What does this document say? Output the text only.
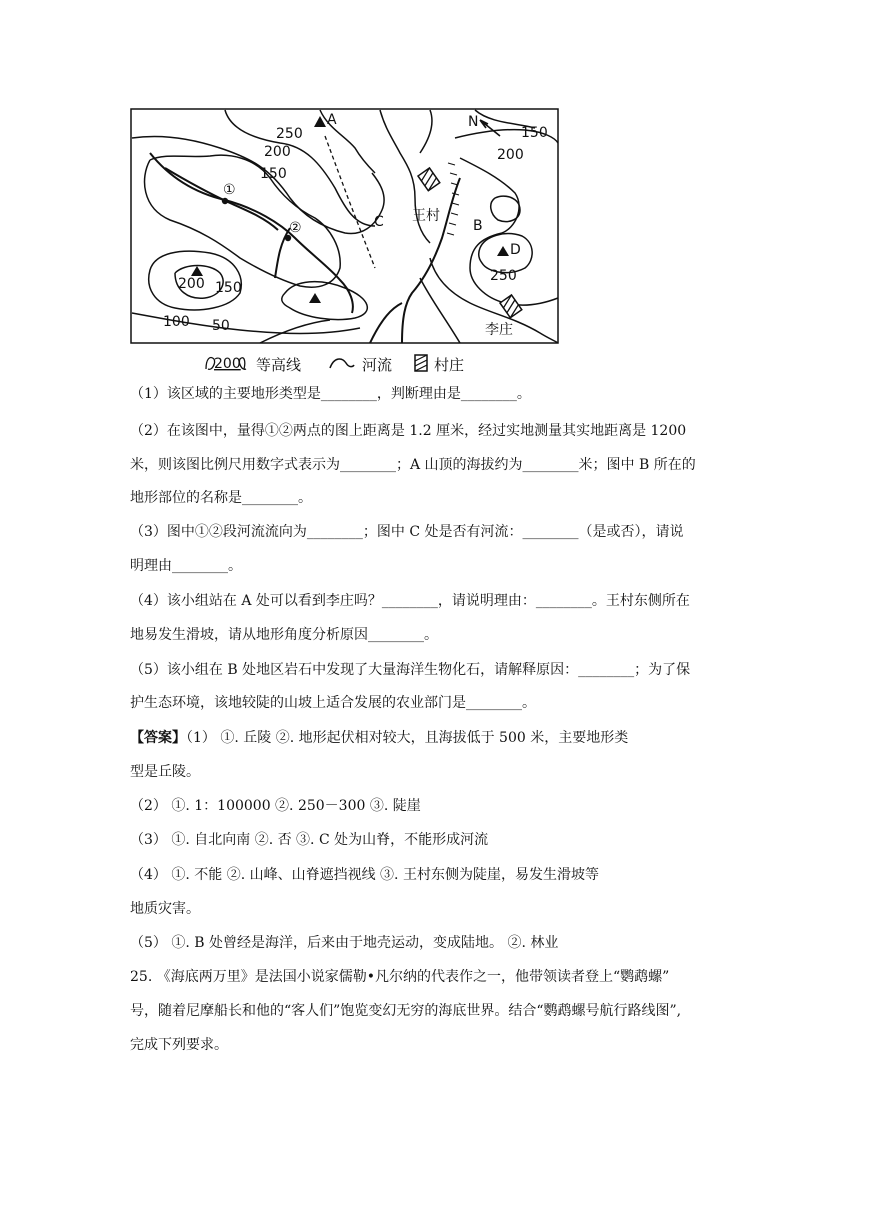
250
200
150
200 150
50
100
150
200
250
A
D
①
②	C	B
N
王村
李庄
200 等高线	河流	村庄
（1）该区域的主要地形类型是________，判断理由是________。
（2）在该图中，量得①②两点的图上距离是 1.2 厘米，经过实地测量其实地距离是 1200
米，则该图比例尺用数字式表示为________；A 山顶的海拔约为________米；图中 B 所在的
地形部位的名称是________。
（3）图中①②段河流流向为________；图中 C 处是否有河流：________（是或否），请说
明理由________。
（4）该小组站在 A 处可以看到李庄吗？________，请说明理由：________。王村东侧所在
地易发生滑坡，请从地形角度分析原因________。
（5）该小组在 B 处地区岩石中发现了大量海洋生物化石，请解释原因：________；为了保
护生态环境，该地较陡的山坡上适合发展的农业部门是________。
【答案】（1） ①. 丘陵 ②. 地形起伏相对较大，且海拔低于 500 米，主要地形类
型是丘陵。
（2） ①. 1：100000 ②. 250－300 ③. 陡崖
（3） ①. 自北向南 ②. 否 ③. C 处为山脊，不能形成河流
（4） ①. 不能 ②. 山峰、山脊遮挡视线 ③. 王村东侧为陡崖，易发生滑坡等
地质灾害。
（5） ①. B 处曾经是海洋，后来由于地壳运动，变成陆地。 ②. 林业
25. 《海底两万里》是法国小说家儒勒•凡尔纳的代表作之一，他带领读者登上“鹦鹉螺”
号，随着尼摩船长和他的“客人们”饱览变幻无穷的海底世界。结合“鹦鹉螺号航行路线图”,
完成下列要求。
